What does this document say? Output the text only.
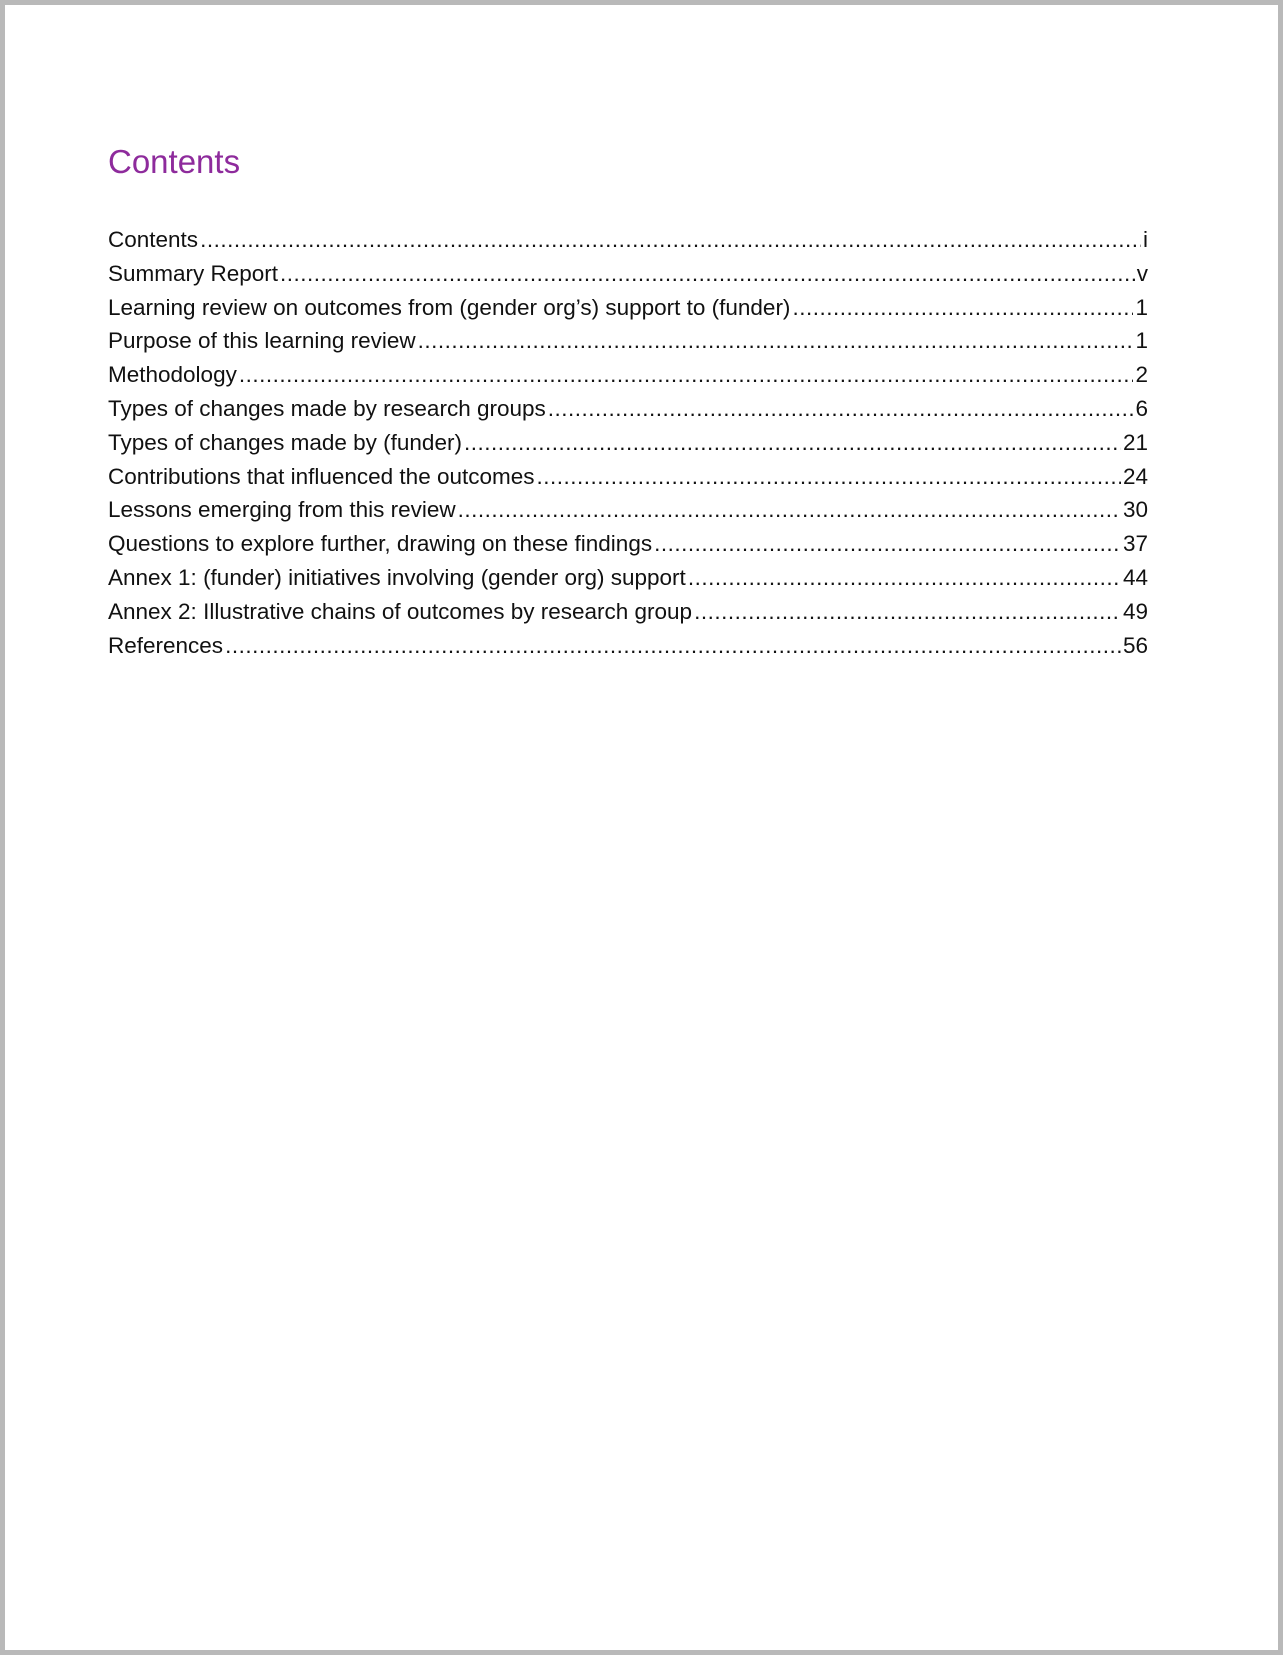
Contents
Contents .....	i
Summary Report .....	v
Learning review on outcomes from (gender org’s) support to (funder) .....	1
Purpose of this learning review .....	1
Methodology .....	2
Types of changes made by research groups .....	6
Types of changes made by (funder) .....	21
Contributions that influenced the outcomes .....	24
Lessons emerging from this review .....	30
Questions to explore further, drawing on these findings .....	37
Annex 1: (funder) initiatives involving (gender org) support .....	44
Annex 2: Illustrative chains of outcomes by research group .....	49
References .....	56
